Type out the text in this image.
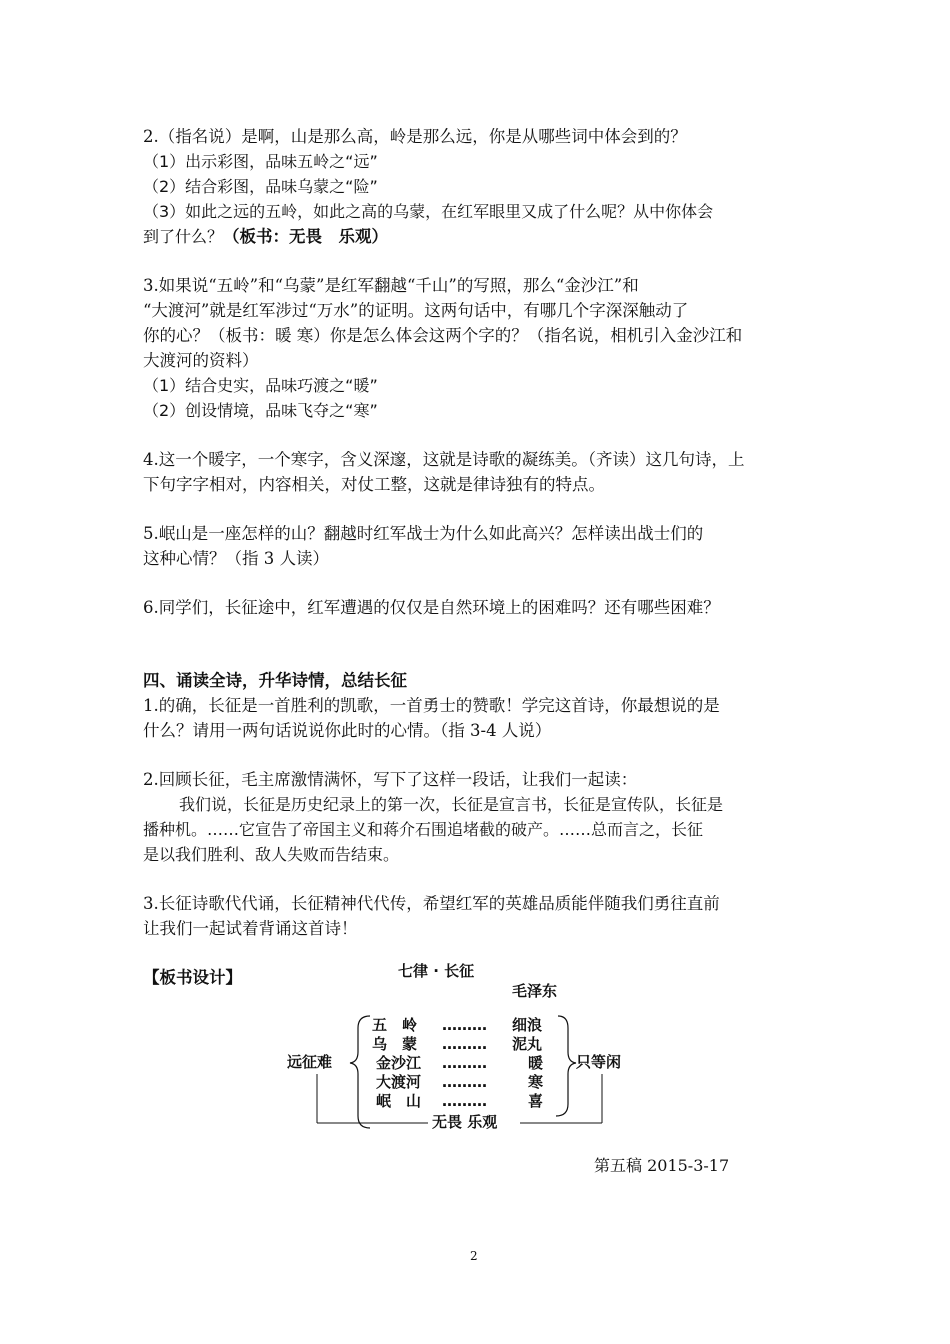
2.（指名说）是啊，山是那么高，岭是那么远，你是从哪些词中体会到的？
（1）出示彩图，品味五岭之“远”
（2）结合彩图，品味乌蒙之“险”
（3）如此之远的五岭，如此之高的乌蒙，在红军眼里又成了什么呢？从中你体会
到了什么？（板书：无畏　乐观）
3.如果说“五岭”和“乌蒙”是红军翻越“千山”的写照，那么“金沙江”和
“大渡河”就是红军涉过“万水”的证明。这两句话中，有哪几个字深深触动了
你的心？（板书：暖 寒）你是怎么体会这两个字的？（指名说，相机引入金沙江和
大渡河的资料）
（1）结合史实，品味巧渡之“暖”
（2）创设情境，品味飞夺之“寒”
4.这一个暖字，一个寒字，含义深邃，这就是诗歌的凝练美。（齐读）这几句诗，上
下句字字相对，内容相关，对仗工整，这就是律诗独有的特点。
5.岷山是一座怎样的山？翻越时红军战士为什么如此高兴？怎样读出战士们的
这种心情？（指 3 人读）
6.同学们，长征途中，红军遭遇的仅仅是自然环境上的困难吗？还有哪些困难？
四、诵读全诗，升华诗情，总结长征
1.的确，长征是一首胜利的凯歌，一首勇士的赞歌！学完这首诗，你最想说的是
什么？请用一两句话说说你此时的心情。（指 3-4 人说）
2.回顾长征，毛主席激情满怀，写下了这样一段话，让我们一起读：
我们说，长征是历史纪录上的第一次，长征是宣言书，长征是宣传队，长征是
播种机。……它宣告了帝国主义和蒋介石围追堵截的破产。……总而言之，长征
是以我们胜利、敌人失败而告结束。
3.长征诗歌代代诵，长征精神代代传，希望红军的英雄品质能伴随我们勇往直前
让我们一起试着背诵这首诗！
【板书设计】	七律 · 长征
毛泽东
远征难	只等闲
五　岭 ……… 细浪
乌　蒙 ……… 泥丸
金沙江 ………	暖
大渡河 ………	寒
岷　山 ………	喜
无畏 乐观
第五稿 2015-3-17
2
